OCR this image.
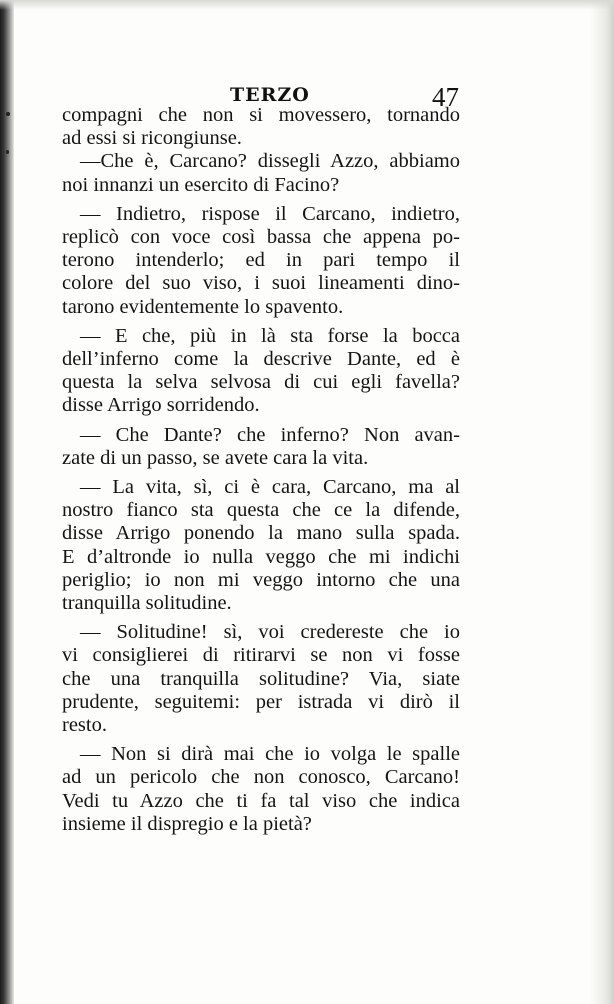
TERZO	47
compagni che non si movessero, tornando
ad essi si ricongiunse.
—Che è, Carcano? dissegli Azzo, abbiamo
noi innanzi un esercito di Facino?
— Indietro, rispose il Carcano, indietro,
replicò con voce così bassa che appena po-
terono intenderlo; ed in pari tempo il
colore del suo viso, i suoi lineamenti dino-
tarono evidentemente lo spavento.
— E che, più in là sta forse la bocca
dell’inferno come la descrive Dante, ed è
questa la selva selvosa di cui egli favella?
disse Arrigo sorridendo.
— Che Dante? che inferno? Non avan-
zate di un passo, se avete cara la vita.
— La vita, sì, ci è cara, Carcano, ma al
nostro fianco sta questa che ce la difende,
disse Arrigo ponendo la mano sulla spada.
E d’altronde io nulla veggo che mi indichi
periglio; io non mi veggo intorno che una
tranquilla solitudine.
— Solitudine! sì, voi credereste che io
vi consiglierei di ritirarvi se non vi fosse
che una tranquilla solitudine? Via, siate
prudente, seguitemi: per istrada vi dirò il
resto.
— Non si dirà mai che io volga le spalle
ad un pericolo che non conosco, Carcano!
Vedi tu Azzo che ti fa tal viso che indica
insieme il dispregio e la pietà?
